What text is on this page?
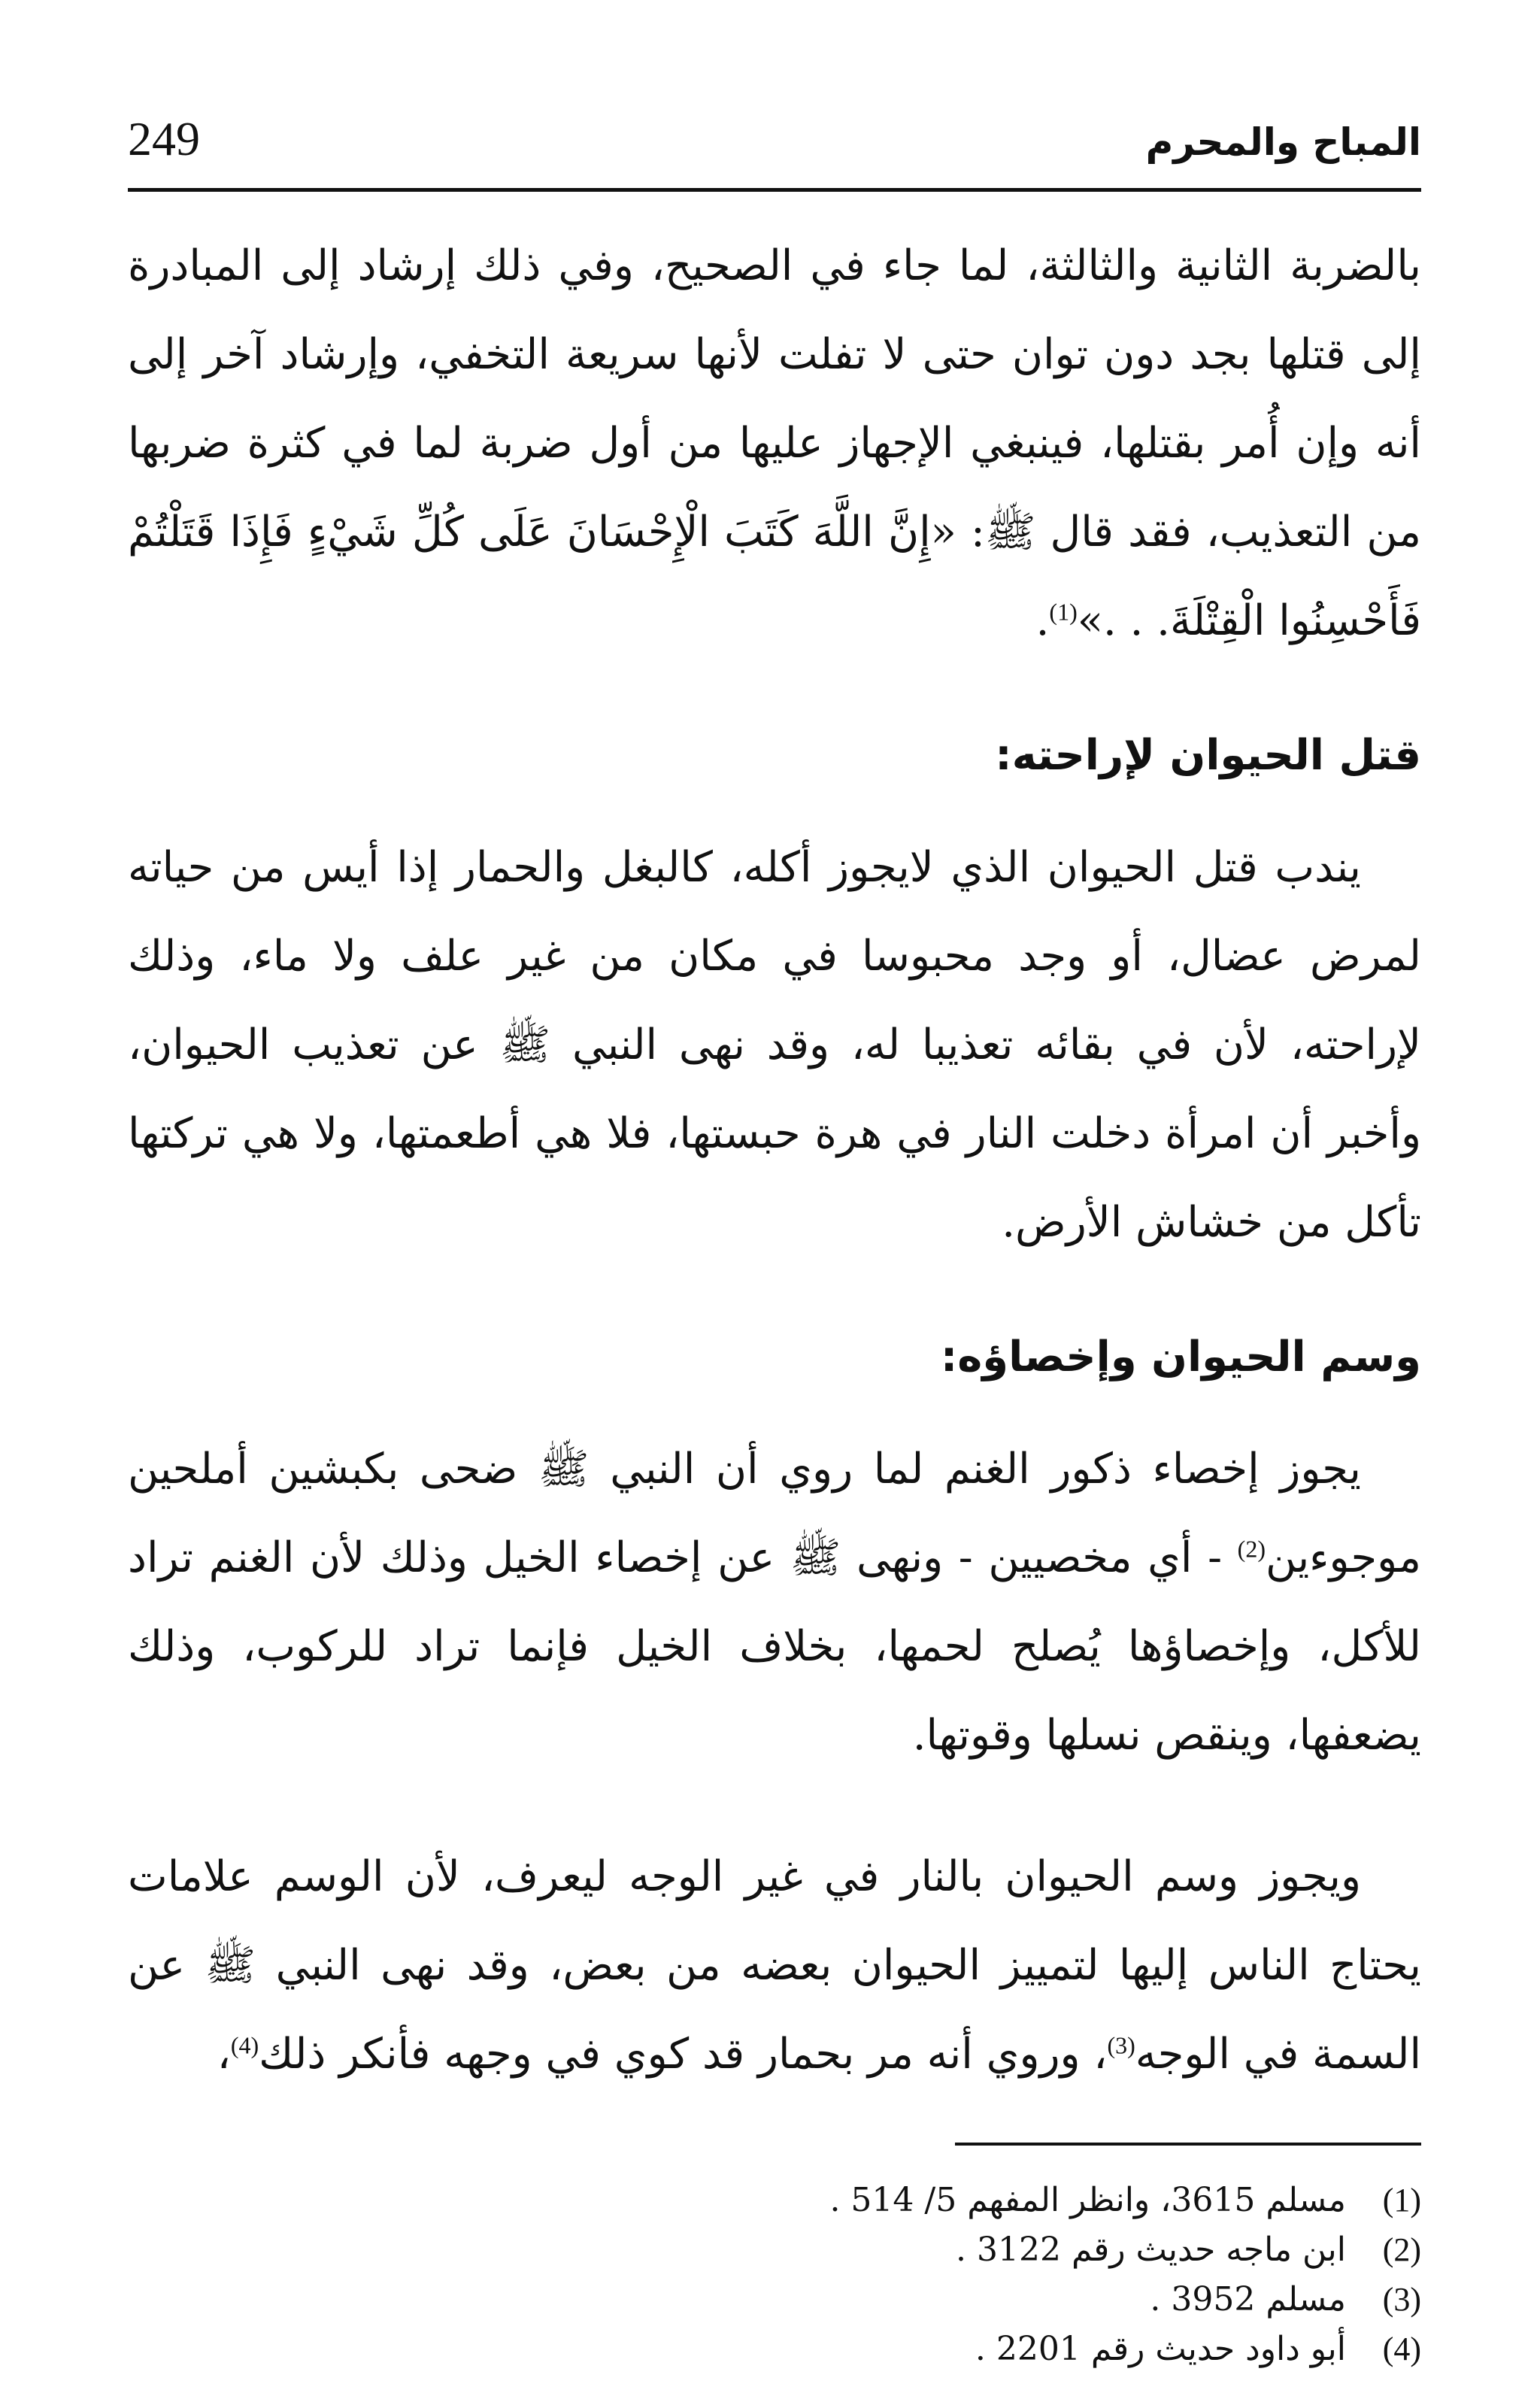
249	المباح والمحرم

بالضربة الثانية والثالثة، لما جاء في الصحيح، وفي ذلك إرشاد إلى المبادرة إلى قتلها بجد دون توان حتى لا تفلت لأنها سريعة التخفي، وإرشاد آخر إلى أنه وإن أُمر بقتلها، فينبغي الإجهاز عليها من أول ضربة لما في كثرة ضربها من التعذيب، فقد قال ﷺ: «إِنَّ اللَّهَ كَتَبَ الْإِحْسَانَ عَلَى كُلِّ شَيْءٍ فَإِذَا قَتَلْتُمْ فَأَحْسِنُوا الْقِتْلَةَ. . .»$^{(1)}$.

قتل الحيوان لإراحته:

يندب قتل الحيوان الذي لايجوز أكله، كالبغل والحمار إذا أيس من حياته لمرض عضال، أو وجد محبوسا في مكان من غير علف ولا ماء، وذلك لإراحته، لأن في بقائه تعذيبا له، وقد نهى النبي ﷺ عن تعذيب الحيوان، وأخبر أن امرأة دخلت النار في هرة حبستها، فلا هي أطعمتها، ولا هي تركتها تأكل من خشاش الأرض.

وسم الحيوان وإخصاؤه:

يجوز إخصاء ذكور الغنم لما روي أن النبي ﷺ ضحى بكبشين أملحين موجوءين$^{(2)}$ - أي مخصيين - ونهى ﷺ عن إخصاء الخيل وذلك لأن الغنم تراد للأكل، وإخصاؤها يُصلح لحمها، بخلاف الخيل فإنما تراد للركوب، وذلك يضعفها، وينقص نسلها وقوتها.

ويجوز وسم الحيوان بالنار في غير الوجه ليعرف، لأن الوسم علامات يحتاج الناس إليها لتمييز الحيوان بعضه من بعض، وقد نهى النبي ﷺ عن السمة في الوجه$^{(3)}$، وروي أنه مر بحمار قد كوي في وجهه فأنكر ذلك$^{(4)}$،

(1)
مسلم 3615، وانظر المفهم 5/ 514 .
(2)
ابن ماجه حديث رقم 3122 .
(3)
مسلم 3952 .
(4)
أبو داود حديث رقم 2201 .
